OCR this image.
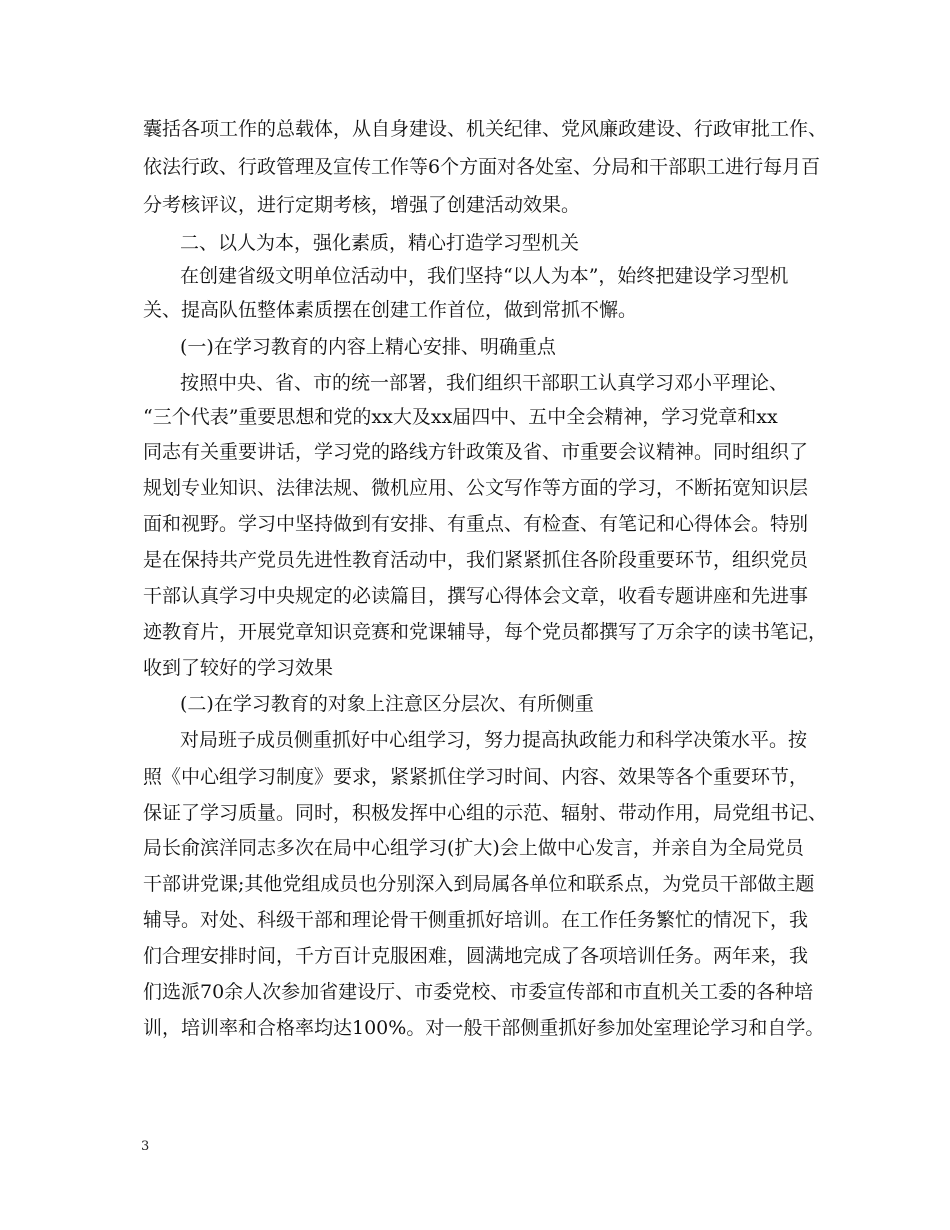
囊括各项工作的总载体，从自身建设、机关纪律、党风廉政建设、行政审批工作、
依法行政、行政管理及宣传工作等6个方面对各处室、分局和干部职工进行每月百
分考核评议，进行定期考核，增强了创建活动效果。
二、以人为本，强化素质，精心打造学习型机关
在创建省级文明单位活动中，我们坚持“以人为本”，始终把建设学习型机
关、提高队伍整体素质摆在创建工作首位，做到常抓不懈。
(一)在学习教育的内容上精心安排、明确重点
按照中央、省、市的统一部署，我们组织干部职工认真学习邓小平理论、
“三个代表”重要思想和党的xx大及xx届四中、五中全会精神，学习党章和xx
同志有关重要讲话，学习党的路线方针政策及省、市重要会议精神。同时组织了
规划专业知识、法律法规、微机应用、公文写作等方面的学习，不断拓宽知识层
面和视野。学习中坚持做到有安排、有重点、有检查、有笔记和心得体会。特别
是在保持共产党员先进性教育活动中，我们紧紧抓住各阶段重要环节，组织党员
干部认真学习中央规定的必读篇目，撰写心得体会文章，收看专题讲座和先进事
迹教育片，开展党章知识竞赛和党课辅导，每个党员都撰写了万余字的读书笔记，
收到了较好的学习效果
(二)在学习教育的对象上注意区分层次、有所侧重
对局班子成员侧重抓好中心组学习，努力提高执政能力和科学决策水平。按
照《中心组学习制度》要求，紧紧抓住学习时间、内容、效果等各个重要环节，
保证了学习质量。同时，积极发挥中心组的示范、辐射、带动作用，局党组书记、
局长俞滨洋同志多次在局中心组学习(扩大)会上做中心发言，并亲自为全局党员
干部讲党课;其他党组成员也分别深入到局属各单位和联系点，为党员干部做主题
辅导。对处、科级干部和理论骨干侧重抓好培训。在工作任务繁忙的情况下，我
们合理安排时间，千方百计克服困难，圆满地完成了各项培训任务。两年来，我
们选派70余人次参加省建设厅、市委党校、市委宣传部和市直机关工委的各种培
训，培训率和合格率均达100%。对一般干部侧重抓好参加处室理论学习和自学。
3
